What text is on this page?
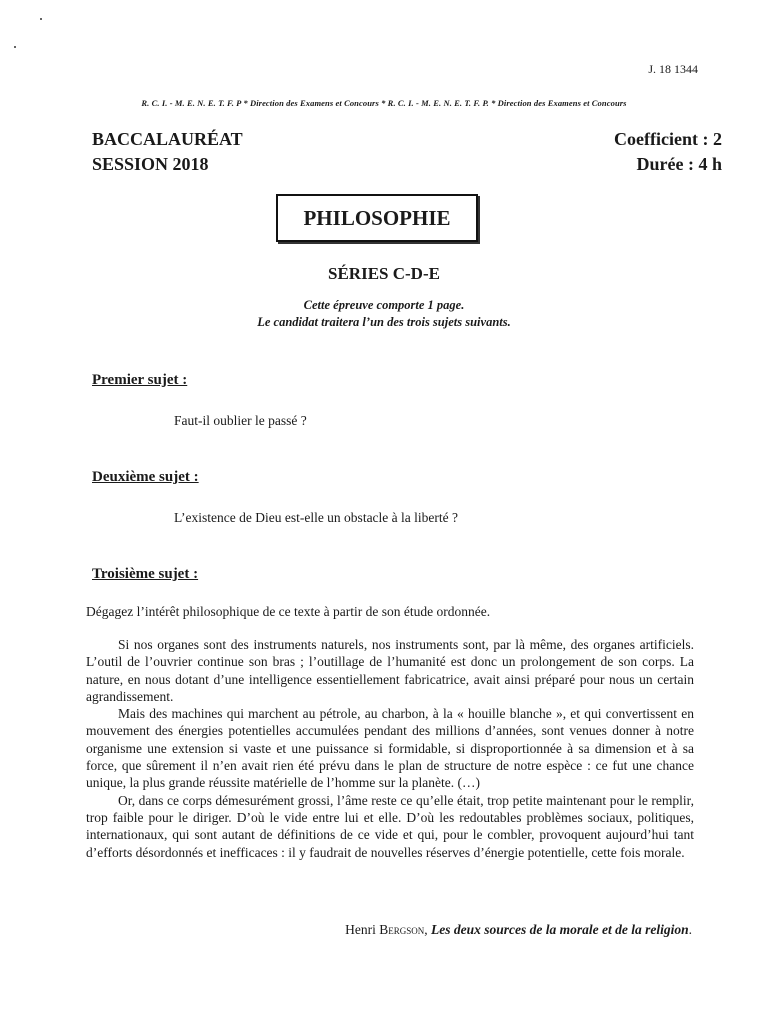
J. 18 1344
R. C. I. - M. E. N. E. T. F. P * Direction des Examens et Concours * R. C. I. - M. E. N. E. T. F. P. * Direction des Examens et Concours
BACCALAURÉAT
SESSION 2018
Coefficient : 2
Durée : 4 h
PHILOSOPHIE
SÉRIES C-D-E
Cette épreuve comporte 1 page.
Le candidat traitera l’un des trois sujets suivants.
Premier sujet :
Faut-il oublier le passé ?
Deuxième sujet :
L’existence de Dieu est-elle un obstacle à la liberté ?
Troisième sujet :
Dégagez l’intérêt philosophique de ce texte à partir de son étude ordonnée.

Si nos organes sont des instruments naturels, nos instruments sont, par là même, des organes artificiels. L’outil de l’ouvrier continue son bras ; l’outillage de l’humanité est donc un prolongement de son corps. La nature, en nous dotant d’une intelligence essentiellement fabricatrice, avait ainsi préparé pour nous un certain agrandissement.

Mais des machines qui marchent au pétrole, au charbon, à la « houille blanche », et qui convertissent en mouvement des énergies potentielles accumulées pendant des millions d’années, sont venues donner à notre organisme une extension si vaste et une puissance si formidable, si disproportionnée à sa dimension et à sa force, que sûrement il n’en avait rien été prévu dans le plan de structure de notre espèce : ce fut une chance unique, la plus grande réussite matérielle de l’homme sur la planète. (…)

Or, dans ce corps démesurément grossi, l’âme reste ce qu’elle était, trop petite maintenant pour le remplir, trop faible pour le diriger. D’où le vide entre lui et elle. D’où les redoutables problèmes sociaux, politiques, internationaux, qui sont autant de définitions de ce vide et qui, pour le combler, provoquent aujourd’hui tant d’efforts désordonnés et inefficaces : il y faudrait de nouvelles réserves d’énergie potentielle, cette fois morale.

Henri Bergson, Les deux sources de la morale et de la religion.
